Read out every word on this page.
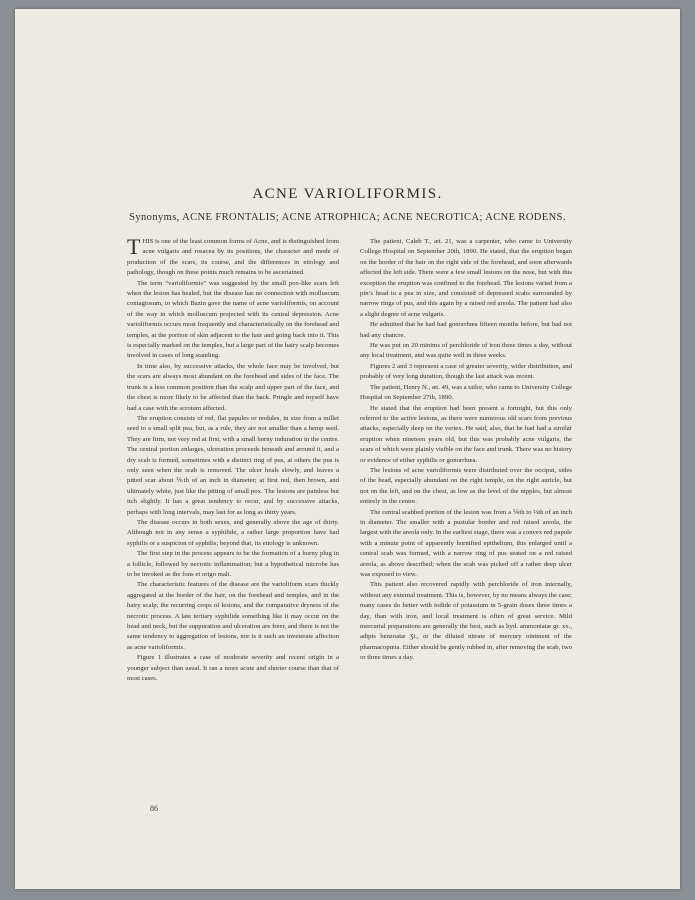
ACNE VARIOLIFORMIS.
Synonyms, ACNE FRONTALIS; ACNE ATROPHICA; ACNE NECROTICA; ACNE RODENS.

THIS is one of the least common forms of Acne, and is distinguished from acne vulgaris and rosacea by its positions, the character and mode of production of the scars, its course, and the differences in etiology and pathology, though on these points much remains to be ascertained.

The term “varioliformis” was suggested by the small pox-like scars left when the lesion has healed, but the disease has no connection with molluscum contagiosum, to which Bazin gave the name of acne varioliformis, on account of the way in which molluscum projected with its central depression. Acne varioliformis occurs most frequently and characteristically on the forehead and temples, at the portion of skin adjacent to the hair and going back into it. This is especially marked on the temples, but a large part of the hairy scalp becomes involved in cases of long standing.

In time also, by successive attacks, the whole face may be involved, but the scars are always most abundant on the forehead and sides of the face. The trunk is a less common position than the scalp and upper part of the face, and the chest is more likely to be affected than the back. Pringle and myself have had a case with the scrotum affected.

The eruption consists of red, flat papules or nodules, in size from a millet seed to a small split pea, but, as a rule, they are not smaller than a hemp seed. They are firm, not very red at first, with a small horny induration in the centre. The central portion enlarges, ulceration proceeds beneath and around it, and a dry scab is formed, sometimes with a distinct ring of pus, at others the pus is only seen when the scab is removed. The ulcer heals slowly, and leaves a pitted scar about ⅙th of an inch in diameter; at first red, then brown, and ultimately white, just like the pitting of small pox. The lesions are painless but itch slightly. It has a great tendency to recur, and by successive attacks, perhaps with long intervals, may last for as long as thirty years.

The disease occurs in both sexes, and generally above the age of thirty. Although not in any sense a syphilide, a rather large proportion have had syphilis or a suspicion of syphilis; beyond that, its etiology is unknown.

The first step in the process appears to be the formation of a horny plug in a follicle, followed by necrotic inflammation; but a hypothetical microbe has to be invoked as the fons et origo mali.

The characteristic features of the disease are the varioliform scars thickly aggregated at the border of the hair, on the forehead and temples, and in the hairy scalp; the recurring crops of lesions, and the comparative dryness of the necrotic process. A late tertiary syphilide something like it may occur on the head and neck, but the suppuration and ulceration are freer, and there is not the same tendency to aggregation of lesions, nor is it such an inveterate affection as acne varioliformis.

Figure 1 illustrates a case of moderate severity and recent origin in a younger subject than usual. It ran a more acute and shorter course than that of most cases.

The patient, Caleb T., æt. 21, was a carpenter, who came to University College Hospital on September 20th, 1890. He stated, that the eruption began on the border of the hair on the right side of the forehead, and soon afterwards affected the left side. There were a few small lesions on the nose, but with this exception the eruption was confined to the forehead. The lesions varied from a pin’s head to a pea in size, and consisted of depressed scabs surrounded by narrow rings of pus, and this again by a raised red areola. The patient had also a slight degree of acne vulgaris.

He admitted that he had had gonorrhœa fifteen months before, but had not had any chancre.

He was put on 20 minims of perchloride of iron three times a day, without any local treatment, and was quite well in three weeks.

Figures 2 and 3 represent a case of greater severity, wider distribution, and probably of very long duration, though the last attack was recent.

The patient, Henry N., æt. 49, was a tailor, who came to University College Hospital on September 27th, 1890.

He stated that the eruption had been present a fortnight, but this only referred to the active lesions, as there were numerous old scars from previous attacks, especially deep on the vertex. He said, also, that he had had a similar eruption when nineteen years old, but this was probably acne vulgaris, the scars of which were plainly visible on the face and trunk. There was no history or evidence of either syphilis or gonorrhœa.

The lesions of acne varioliformis were distributed over the occiput, sides of the head, especially abundant on the right temple, on the right auricle, but not on the left, and on the chest, as low as the level of the nipples, but almost entirely in the centre.

The central scabbed portion of the lesion was from a ⅙th to ⅔th of an inch in diameter. The smaller with a pustular border and red raised areola, the largest with the areola only. In the earliest stage, there was a convex red papule with a minute point of apparently hornified epithelium, this enlarged until a central scab was formed, with a narrow ring of pus seated on a red raised areola, as above described; when the scab was picked off a rather deep ulcer was exposed to view.

This patient also recovered rapidly with perchloride of iron internally, without any external treatment. This is, however, by no means always the case; many cases do better with iodide of potassium in 5-grain doses three times a day, than with iron, and local treatment is often of great service. Mild mercurial preparations are generally the best, such as hyd. ammoniatæ gr. xx., adipis benzoatæ Ʒi., or the diluted nitrate of mercury ointment of the pharmacopœia. Either should be gently rubbed in, after removing the scab, two or three times a day.

86
